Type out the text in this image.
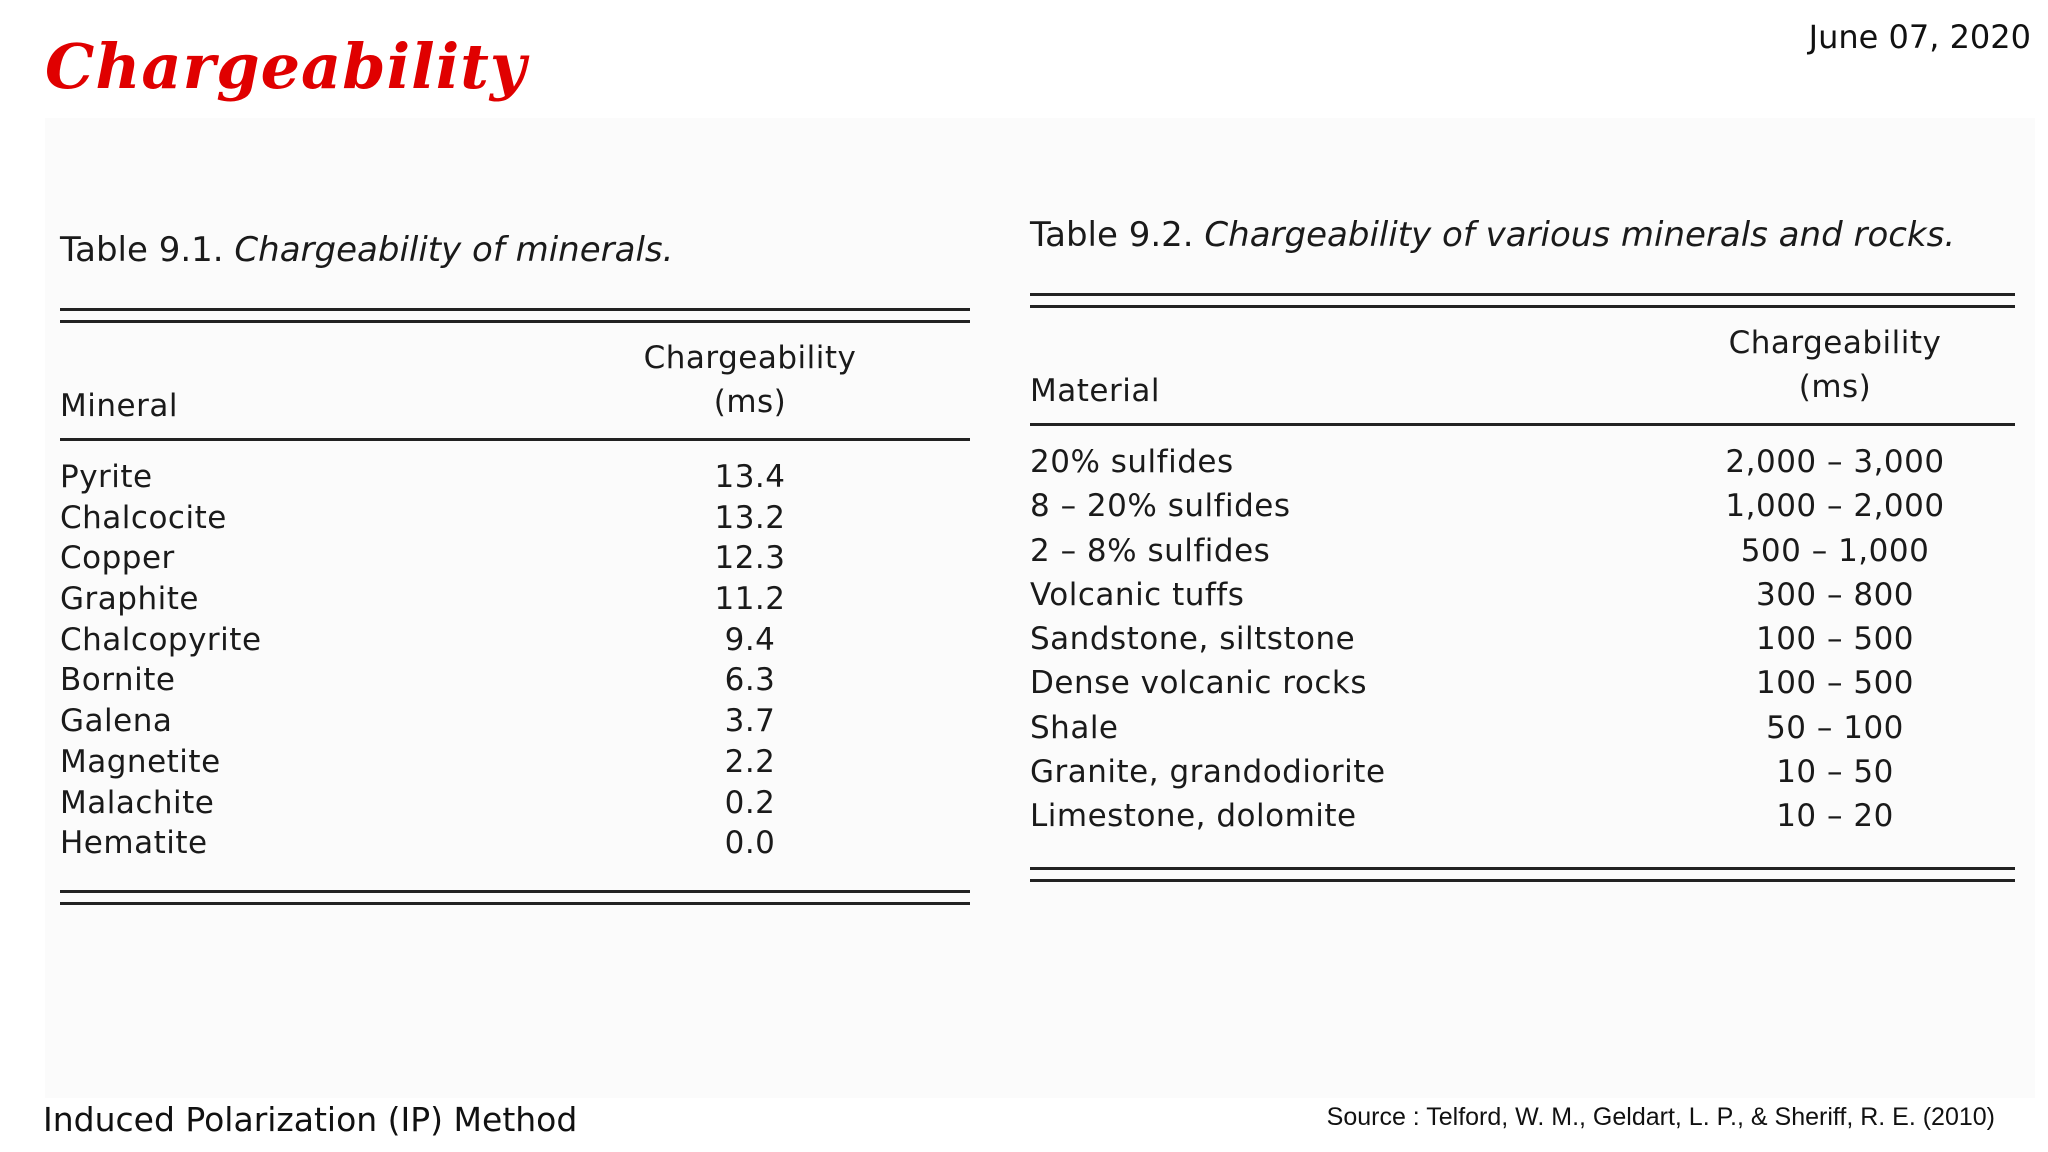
Chargeability	June 07, 2020
Table 9.1. Chargeability of minerals.
Mineral
Chargeability
(ms)
Pyrite	13.4
Chalcocite	13.2
Copper	12.3
Graphite	11.2
Chalcopyrite	9.4
Bornite	6.3
Galena	3.7
Magnetite	2.2
Malachite	0.2
Hematite	0.0
Table 9.2. Chargeability of various minerals and rocks.
Material
Chargeability
(ms)
20% sulfides	2,000 – 3,000
8 – 20% sulfides	1,000 – 2,000
2 – 8% sulfides	500 – 1,000
Volcanic tuffs	300 – 800
Sandstone, siltstone	100 – 500
Dense volcanic rocks	100 – 500
Shale	50 – 100
Granite, grandodiorite	10 – 50
Limestone, dolomite	10 – 20
Induced Polarization (IP) Method	Source : Telford, W. M., Geldart, L. P., & Sheriff, R. E. (2010)
